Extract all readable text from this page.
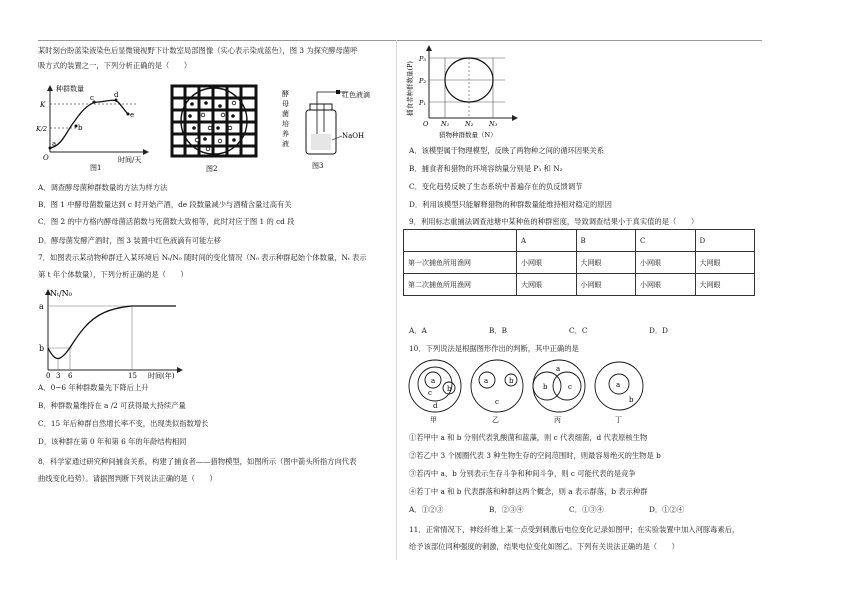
某时刻台盼蓝染液染色后显微镜视野下计数室局部图像（实心表示染成蓝色），图 3 为探究酵母菌呼
吸方式的装置之一，下列分析正确的是（　　）
种群数量
K
K/2
O
a
b
c	d
e
时间/天
图1	图2
酵
母
菌
培
养
液
红色液滴
NaOH
图3
A．调查酵母菌种群数量的方法为样方法
B．图 1 中酵母菌数量达到 c 时开始产酒，de 段数量减少与酒精含量过高有关
C．图 2 的中方格内酵母菌活菌数与死菌数大致相等，此时对应于图 1 的 cd 段
D．酵母菌发酵产酒时，图 3 装置中红色液滴有可能左移
7．如图表示某动物种群迁入某环境后 Nₜ/N₀ 随时间的变化情况（N₀ 表示种群起始个体数量，Nₜ 表示
第 t 年个体数量），下列分析正确的是（　　）
Nₜ/N₀
a
b
0 3 6	15 时间(年)
A．0~6 年种群数量先下降后上升
B．种群数量维持在 a /2 可获得最大持续产量
C．15 年后种群自然增长率不变，出现类似指数增长
D．该种群在第 0 年和第 6 年的年龄结构相同
8．科学家通过研究种间捕食关系，构建了捕食者——猎物模型，如图所示（图中箭头所指方向代表
曲线变化趋势）。请据图判断下列说法正确的是（　　）
捕食者种群数量(P)
P₃
P₂
P₁
O N₁ N₂ N₃
猎物种群数量（N）
A．该模型属于物理模型，反映了两物种之间的循环因果关系
B．捕食者和猎物的环境容纳量分别是 P₃ 和 N₂
C．变化趋势反映了生态系统中普遍存在的负反馈调节
D．利用该模型只能解释猎物的种群数量能维持相对稳定的原因
9．利用标志重捕法调查池塘中某种鱼的种群密度，导致调查结果小于真实值的是（　　）
	A	B	C	D
第一次捕鱼所用渔网	小网眼	大网眼	小网眼	大网眼
第二次捕鱼所用渔网	大网眼	小网眼	小网眼	大网眼
A．A	B．B	C．C	D．D
10．下列说法是根据图形作出的判断，其中正确的是
a
b
c
d
甲
a	b
c
乙
a
b	c
丙
a
b
丁
①若甲中 a 和 b 分别代表乳酸菌和蓝藻，则 c 代表细菌，d 代表原核生物
②若乙中 3 个圆圈代表 3 种生物生存的空间范围时，则最容易绝灭的生物是 b
③若丙中 a、b 分别表示生存斗争和种间斗争，则 c 可能代表的是竞争
④若丁中 a 和 b 代表群落和种群这两个概念，则 a 表示群落，b 表示种群
A．①②③	B．②③④	C．①③④	D．①②④
11．正常情况下，神经纤维上某一点受到刺激后电位变化记录如图甲；在实验装置中加入河豚毒素后，
给予该部位同种强度的刺激，结果电位变化如图乙。下列有关说法正确的是（　　）
